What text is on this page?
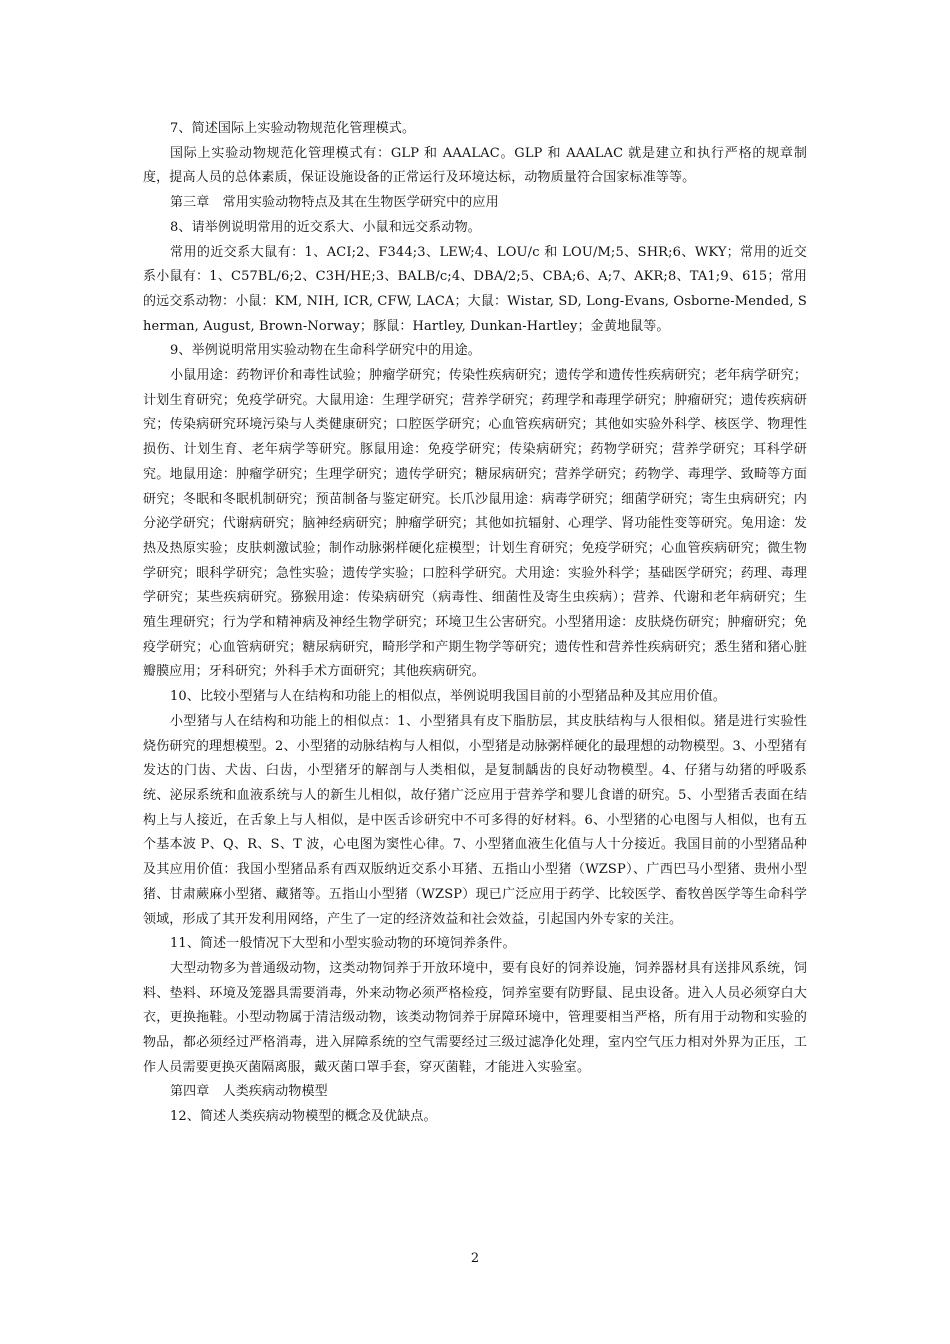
7、简述国际上实验动物规范化管理模式。

国际上实验动物规范化管理模式有：GLP 和 AAALAC。GLP 和 AAALAC 就是建立和执行严格的规章制度，提高人员的总体素质，保证设施设备的正常运行及环境达标，动物质量符合国家标准等等。

第三章　常用实验动物特点及其在生物医学研究中的应用

8、请举例说明常用的近交系大、小鼠和远交系动物。

常用的近交系大鼠有：1、ACI;2、F344;3、LEW;4、LOU/c 和 LOU/M;5、SHR;6、WKY；常用的近交系小鼠有：1、C57BL/6;2、C3H/HE;3、BALB/c;4、DBA/2;5、CBA;6、A;7、AKR;8、TA1;9、615；常用的远交系动物：小鼠：KM, NIH, ICR, CFW, LACA；大鼠：Wistar, SD, Long-Evans, Osborne-Mended, Sherman, August, Brown-Norway；豚鼠：Hartley, Dunkan-Hartley；金黄地鼠等。

9、举例说明常用实验动物在生命科学研究中的用途。

小鼠用途：药物评价和毒性试验；肿瘤学研究；传染性疾病研究；遗传学和遗传性疾病研究；老年病学研究；计划生育研究；免疫学研究。大鼠用途：生理学研究；营养学研究；药理学和毒理学研究；肿瘤研究；遗传疾病研究；传染病研究环境污染与人类健康研究；口腔医学研究；心血管疾病研究；其他如实验外科学、核医学、物理性损伤、计划生育、老年病学等研究。豚鼠用途：免疫学研究；传染病研究；药物学研究；营养学研究；耳科学研究。地鼠用途：肿瘤学研究；生理学研究；遗传学研究；糖尿病研究；营养学研究；药物学、毒理学、致畸等方面研究；冬眠和冬眠机制研究；预苗制备与鉴定研究。长爪沙鼠用途：病毒学研究；细菌学研究；寄生虫病研究；内分泌学研究；代谢病研究；脑神经病研究；肿瘤学研究；其他如抗辐射、心理学、肾功能性变等研究。兔用途：发热及热原实验；皮肤刺激试验；制作动脉粥样硬化症模型；计划生育研究；免疫学研究；心血管疾病研究；微生物学研究；眼科学研究；急性实验；遗传学实验；口腔科学研究。犬用途：实验外科学；基础医学研究；药理、毒理学研究；某些疾病研究。猕猴用途：传染病研究（病毒性、细菌性及寄生虫疾病）；营养、代谢和老年病研究；生殖生理研究；行为学和精神病及神经生物学研究；环境卫生公害研究。小型猪用途：皮肤烧伤研究；肿瘤研究；免疫学研究；心血管病研究；糖尿病研究，畸形学和产期生物学等研究；遗传性和营养性疾病研究；悉生猪和猪心脏瓣膜应用；牙科研究；外科手术方面研究；其他疾病研究。

10、比较小型猪与人在结构和功能上的相似点，举例说明我国目前的小型猪品种及其应用价值。

小型猪与人在结构和功能上的相似点：1、小型猪具有皮下脂肪层，其皮肤结构与人很相似。猪是进行实验性烧伤研究的理想模型。2、小型猪的动脉结构与人相似，小型猪是动脉粥样硬化的最理想的动物模型。3、小型猪有发达的门齿、犬齿、臼齿，小型猪牙的解剖与人类相似，是复制龋齿的良好动物模型。4、仔猪与幼猪的呼吸系统、泌尿系统和血液系统与人的新生儿相似，故仔猪广泛应用于营养学和婴儿食谱的研究。5、小型猪舌表面在结构上与人接近，在舌象上与人相似，是中医舌诊研究中不可多得的好材料。6、小型猪的心电图与人相似，也有五个基本波 P、Q、R、S、T 波，心电图为窦性心律。7、小型猪血液生化值与人十分接近。我国目前的小型猪品种及其应用价值：我国小型猪品系有西双版纳近交系小耳猪、五指山小型猪（WZSP）、广西巴马小型猪、贵州小型猪、甘肃蕨麻小型猪、藏猪等。五指山小型猪（WZSP）现已广泛应用于药学、比较医学、畜牧兽医学等生命科学领域，形成了其开发利用网络，产生了一定的经济效益和社会效益，引起国内外专家的关注。

11、简述一般情况下大型和小型实验动物的环境饲养条件。

大型动物多为普通级动物，这类动物饲养于开放环境中，要有良好的饲养设施，饲养器材具有送排风系统，饲料、垫料、环境及笼器具需要消毒，外来动物必须严格检疫，饲养室要有防野鼠、昆虫设备。进入人员必须穿白大衣，更换拖鞋。小型动物属于清洁级动物，该类动物饲养于屏障环境中，管理要相当严格，所有用于动物和实验的物品，都必须经过严格消毒，进入屏障系统的空气需要经过三级过滤净化处理，室内空气压力相对外界为正压，工作人员需要更换灭菌隔离服，戴灭菌口罩手套，穿灭菌鞋，才能进入实验室。

第四章　人类疾病动物模型

12、简述人类疾病动物模型的概念及优缺点。

2
